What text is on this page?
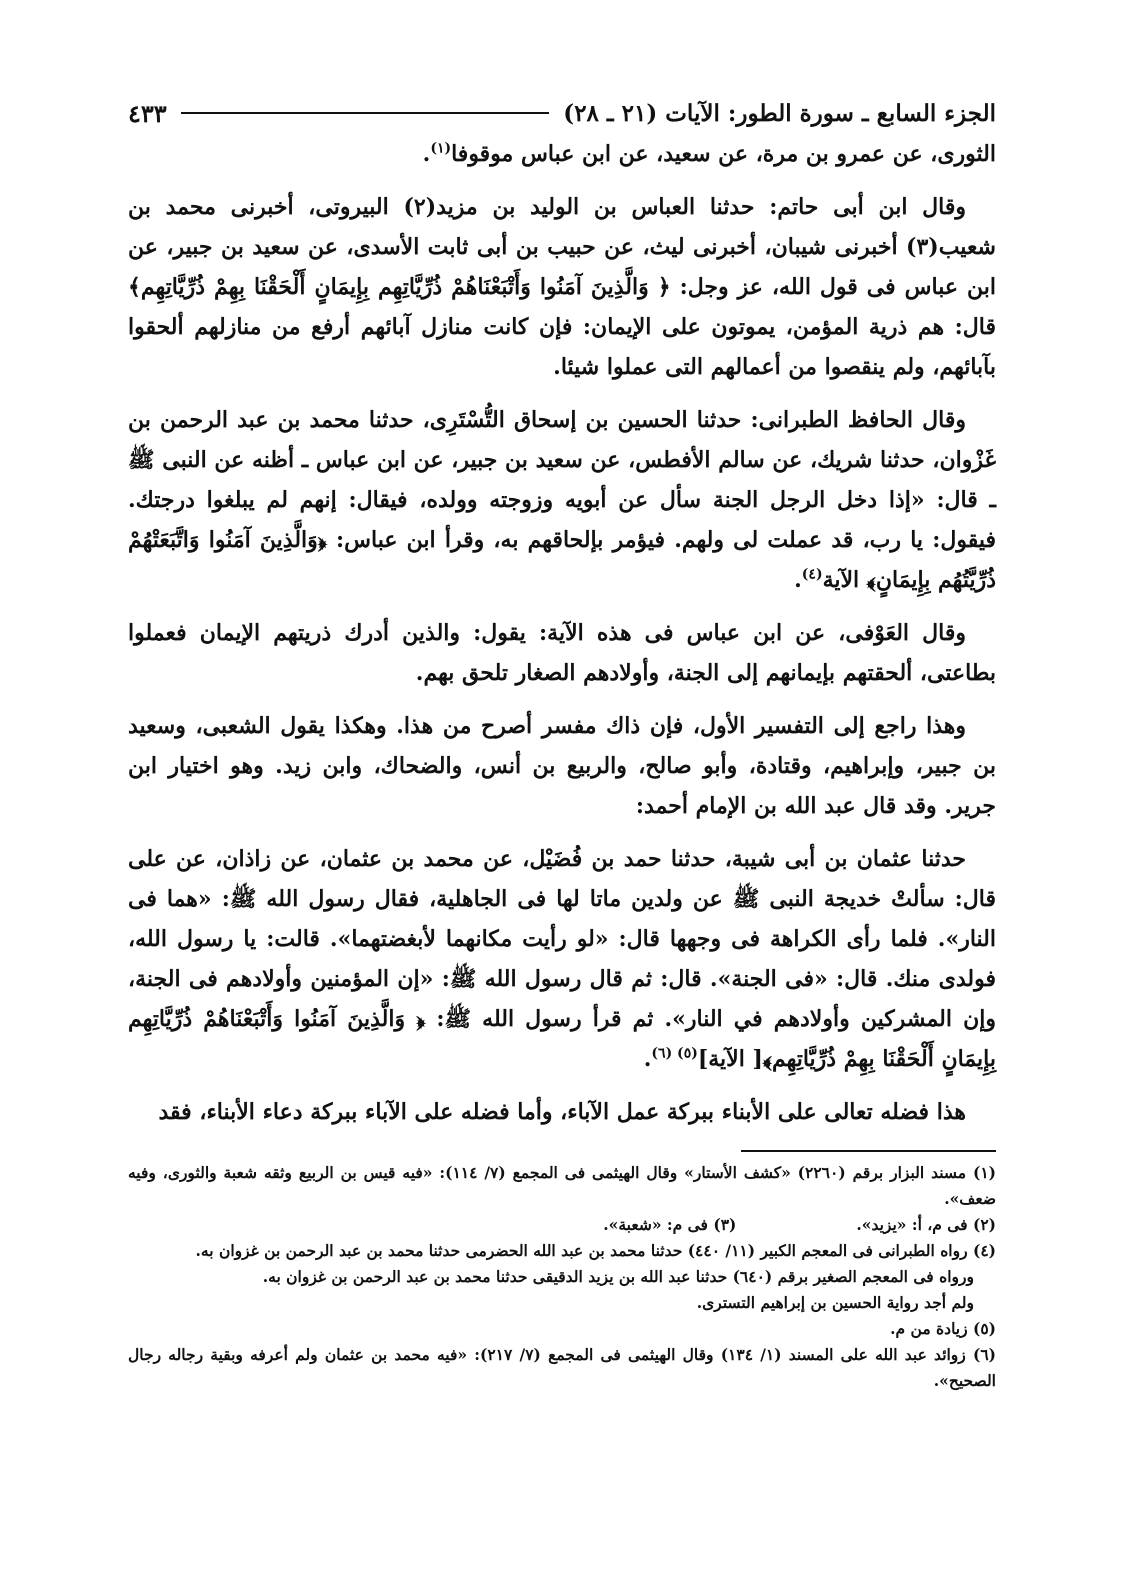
الجزء السابع ـ سورة الطور: الآيات (٢١ ـ ٢٨)
٤٣٣

الثورى، عن عمرو بن مرة، عن سعيد، عن ابن عباس موقوفا$^{(١)}$.

وقال ابن أبى حاتم: حدثنا العباس بن الوليد بن مزيد(٢) البيروتى، أخبرنى محمد بن شعيب(٣) أخبرنى شيبان، أخبرنى ليث، عن حبيب بن أبى ثابت الأسدى، عن سعيد بن جبير، عن ابن عباس فى قول الله، عز وجل: ﴿ وَالَّذِينَ آمَنُوا وَأَتْبَعْنَاهُمْ ذُرِّيَّاتِهِم بِإِيمَانٍ أَلْحَقْنَا بِهِمْ ذُرِّيَّاتِهِم﴾ قال: هم ذرية المؤمن، يموتون على الإيمان: فإن كانت منازل آبائهم أرفع من منازلهم ألحقوا بآبائهم، ولم ينقصوا من أعمالهم التى عملوا شيئا.

وقال الحافظ الطبرانى: حدثنا الحسين بن إسحاق التُّسْتَرِى، حدثنا محمد بن عبد الرحمن بن غَزْوان، حدثنا شريك، عن سالم الأفطس، عن سعيد بن جبير، عن ابن عباس ـ أظنه عن النبى ﷺ ـ قال: «إذا دخل الرجل الجنة سأل عن أبويه وزوجته وولده، فيقال: إنهم لم يبلغوا درجتك. فيقول: يا رب، قد عملت لى ولهم. فيؤمر بإلحاقهم به، وقرأ ابن عباس: ﴿وَالَّذِينَ آمَنُوا وَاتَّبَعَتْهُمْ ذُرِّيَّتُهُم بِإِيمَانٍ﴾ الآية$^{(٤)}$.

وقال العَوْفى، عن ابن عباس فى هذه الآية: يقول: والذين أدرك ذريتهم الإيمان فعملوا بطاعتى، ألحقتهم بإيمانهم إلى الجنة، وأولادهم الصغار تلحق بهم.

وهذا راجع إلى التفسير الأول، فإن ذاك مفسر أصرح من هذا. وهكذا يقول الشعبى، وسعيد بن جبير، وإبراهيم، وقتادة، وأبو صالح، والربيع بن أنس، والضحاك، وابن زيد. وهو اختيار ابن جرير. وقد قال عبد الله بن الإمام أحمد:

حدثنا عثمان بن أبى شيبة، حدثنا حمد بن فُضَيْل، عن محمد بن عثمان، عن زاذان، عن على قال: سألتْ خديجة النبى ﷺ عن ولدين ماتا لها فى الجاهلية، فقال رسول الله ﷺ: «هما فى النار». فلما رأى الكراهة فى وجهها قال: «لو رأيت مكانهما لأبغضتهما». قالت: يا رسول الله، فولدى منك. قال: «فى الجنة». قال: ثم قال رسول الله ﷺ: «إن المؤمنين وأولادهم فى الجنة، وإن المشركين وأولادهم في النار». ثم قرأ رسول الله ﷺ: ﴿ وَالَّذِينَ آمَنُوا وَأَتْبَعْنَاهُمْ ذُرِّيَّاتِهِم بِإِيمَانٍ أَلْحَقْنَا بِهِمْ ذُرِّيَّاتِهِم﴾[ الآية]$^{(٥) (٦)}$.

هذا فضله تعالى على الأبناء ببركة عمل الآباء، وأما فضله على الآباء ببركة دعاء الأبناء، فقد

(١) مسند البزار برقم (٢٢٦٠) «كشف الأستار» وقال الهيثمى فى المجمع (٧/ ١١٤): «فيه قيس بن الربيع وثقه شعبة والثورى، وفيه ضعف».

(٢) فى م، أ: «يزيد».
(٣) فى م: «شعبة».

(٤) رواه الطبرانى فى المعجم الكبير (١١/ ٤٤٠) حدثنا محمد بن عبد الله الحضرمى حدثنا محمد بن عبد الرحمن بن غزوان به.

ورواه فى المعجم الصغير برقم (٦٤٠) حدثنا عبد الله بن يزيد الدقيقى حدثنا محمد بن عبد الرحمن بن غزوان به.

ولم أجد رواية الحسين بن إبراهيم التسترى.

(٥) زيادة من م.

(٦) زوائد عبد الله على المسند (١/ ١٣٤) وقال الهيثمى فى المجمع (٧/ ٢١٧): «فيه محمد بن عثمان ولم أعرفه وبقية رجاله رجال الصحيح».
